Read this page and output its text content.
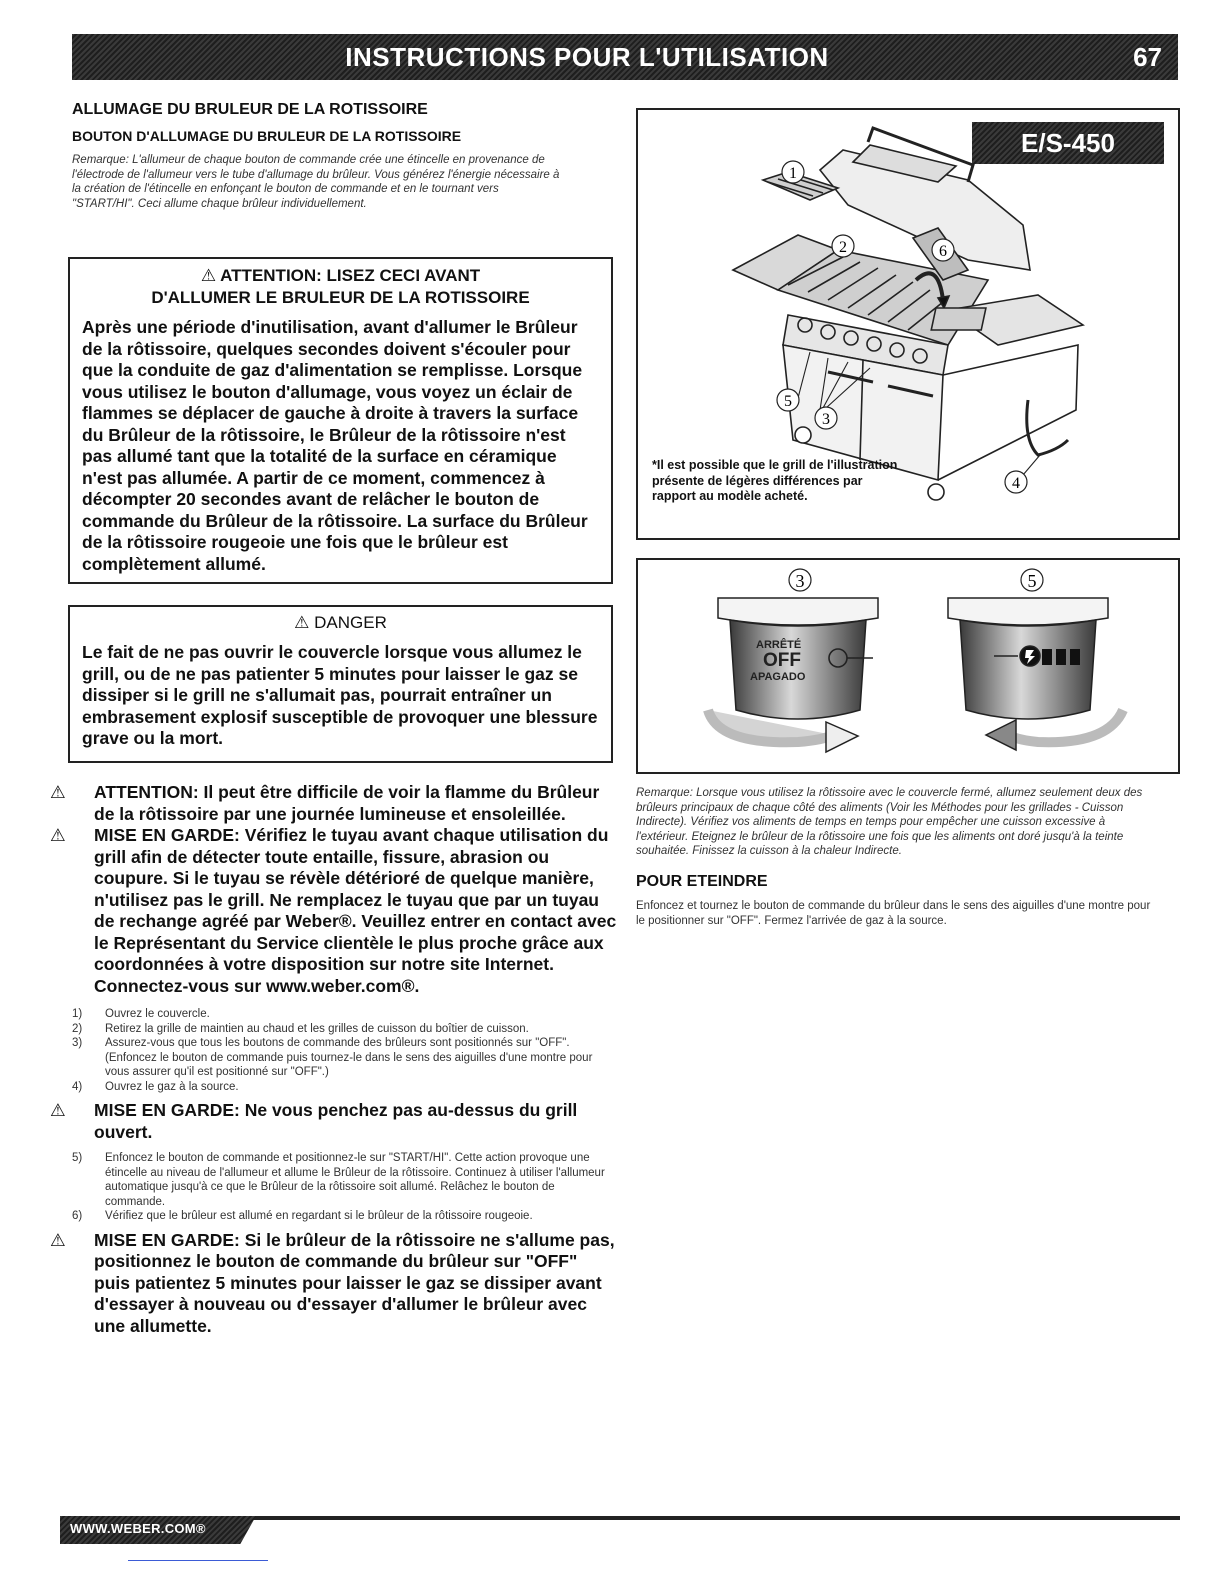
INSTRUCTIONS POUR L'UTILISATION	67
ALLUMAGE DU BRULEUR DE LA ROTISSOIRE
BOUTON D'ALLUMAGE DU BRULEUR DE LA ROTISSOIRE

Remarque: L'allumeur de chaque bouton de commande crée une étincelle en provenance de l'électrode de l'allumeur vers le tube d'allumage du brûleur. Vous générez l'énergie nécessaire à la création de l'étincelle en enfonçant le bouton de commande et en le tournant vers "START/HI". Ceci allume chaque brûleur individuellement.

⚠ ATTENTION: LISEZ CECI AVANT
D'ALLUMER LE BRULEUR DE LA ROTISSOIRE
Après une période d'inutilisation, avant d'allumer le Brûleur de la rôtissoire, quelques secondes doivent s'écouler pour que la conduite de gaz d'alimentation se remplisse. Lorsque vous utilisez le bouton d'allumage, vous voyez un éclair de flammes se déplacer de gauche à droite à travers la surface du Brûleur de la rôtissoire, le Brûleur de la rôtissoire n'est pas allumé tant que la totalité de la surface en céramique n'est pas allumée. A partir de ce moment, commencez à décompter 20 secondes avant de relâcher le bouton de commande du Brûleur de la rôtissoire. La surface du Brûleur de la rôtissoire rougeoie une fois que le brûleur est complètement allumé.
⚠ DANGER
Le fait de ne pas ouvrir le couvercle lorsque vous allumez le grill, ou de ne pas patienter 5 minutes pour laisser le gaz se dissiper si le grill ne s'allumait pas, pourrait entraîner un embrasement explosif susceptible de provoquer une blessure grave ou la mort.
⚠ ATTENTION: Il peut être difficile de voir la flamme du Brûleur de la rôtissoire par une journée lumineuse et ensoleillée.
⚠ MISE EN GARDE: Vérifiez le tuyau avant chaque utilisation du grill afin de détecter toute entaille, fissure, abrasion ou coupure. Si le tuyau se révèle détérioré de quelque manière, n'utilisez pas le grill. Ne remplacez le tuyau que par un tuyau de rechange agréé par Weber®. Veuillez entrer en contact avec le Représentant du Service clientèle le plus proche grâce aux coordonnées à votre disposition sur notre site Internet. Connectez-vous sur www.weber.com®.
1) Ouvrez le couvercle.
2) Retirez la grille de maintien au chaud et les grilles de cuisson du boîtier de cuisson.
3) Assurez-vous que tous les boutons de commande des brûleurs sont positionnés sur "OFF". (Enfoncez le bouton de commande puis tournez-le dans le sens des aiguilles d'une montre pour vous assurer qu'il est positionné sur "OFF".)
4) Ouvrez le gaz à la source.
⚠ MISE EN GARDE: Ne vous penchez pas au-dessus du grill ouvert.
5) Enfoncez le bouton de commande et positionnez-le sur "START/HI". Cette action provoque une étincelle au niveau de l'allumeur et allume le Brûleur de la rôtissoire. Continuez à utiliser l'allumeur automatique jusqu'à ce que le Brûleur de la rôtissoire soit allumé. Relâchez le bouton de commande.
6) Vérifiez que le brûleur est allumé en regardant si le brûleur de la rôtissoire rougeoie.
⚠ MISE EN GARDE: Si le brûleur de la rôtissoire ne s'allume pas, positionnez le bouton de commande du brûleur sur "OFF" puis patientez 5 minutes pour laisser le gaz se dissiper avant d'essayer à nouveau ou d'essayer d'allumer le brûleur avec une allumette.
E/S-450
1
2
3
4
5
6
*Il est possible que le grill de l'illustration présente de légères différences par rapport au modèle acheté.
3	5
ARRÊTÉ
OFF
APAGADO

Remarque: Lorsque vous utilisez la rôtissoire avec le couvercle fermé, allumez seulement deux des brûleurs principaux de chaque côté des aliments (Voir les Méthodes pour les grillades - Cuisson Indirecte). Vérifiez vos aliments de temps en temps pour empêcher une cuisson excessive à l'extérieur. Eteignez le brûleur de la rôtissoire une fois que les aliments ont doré jusqu'à la teinte souhaitée. Finissez la cuisson à la chaleur Indirecte.

POUR ETEINDRE

Enfoncez et tournez le bouton de commande du brûleur dans le sens des aiguilles d'une montre pour le positionner sur "OFF". Fermez l'arrivée de gaz à la source.

WWW.WEBER.COM®
